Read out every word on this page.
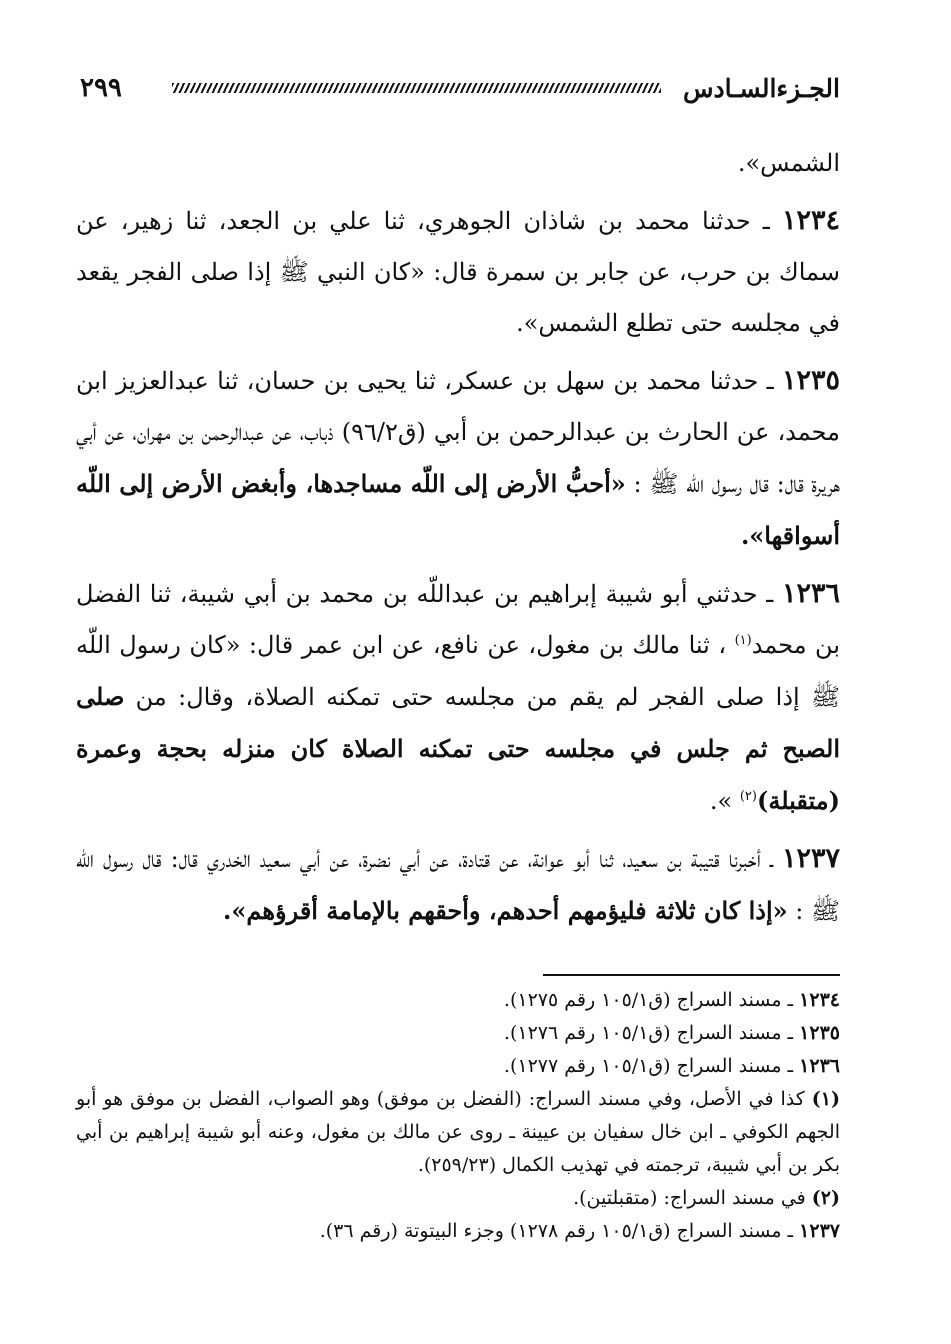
٢٩٩	الجـزءالسـادس

الشمس».

١٢٣٤ ـ حدثنا محمد بن شاذان الجوهري، ثنا علي بن الجعد، ثنا زهير، عن سماك بن حرب، عن جابر بن سمرة قال: «كان النبي ﷺ إذا صلى الفجر يقعد في مجلسه حتى تطلع الشمس».

١٢٣٥ ـ حدثنا محمد بن سهل بن عسكر، ثنا يحيى بن حسان، ثنا عبدالعزيز ابن محمد، عن الحارث بن عبدالرحمن بن أبي (ق٩٦/٢) ذباب، عن عبدالرحمن بن مهران، عن أبي هريرة قال: قال رسول اللّه ﷺ : «أحبُّ الأرض إلى اللّه مساجدها، وأبغض الأرض إلى اللّه أسواقها».

١٢٣٦ ـ حدثني أبو شيبة إبراهيم بن عبداللّه بن محمد بن أبي شيبة، ثنا الفضل بن محمد$^{(١)}$ ، ثنا مالك بن مغول، عن نافع، عن ابن عمر قال: «كان رسول اللّه ﷺ إذا صلى الفجر لم يقم من مجلسه حتى تمكنه الصلاة، وقال: من صلى الصبح ثم جلس في مجلسه حتى تمكنه الصلاة كان منزله بحجة وعمرة (متقبلة)$^{(٢)}$ ».

١٢٣٧ ـ أخبرنا قتيبة بن سعيد، ثنا أبو عوانة، عن قتادة، عن أبي نضرة، عن أبي سعيد الخدري قال: قال رسول اللّه ﷺ : «إذا كان ثلاثة فليؤمهم أحدهم، وأحقهم بالإمامة أقرؤهم».

١٢٣٤ ـ مسند السراج (ق١٠٥/١ رقم ١٢٧٥).

١٢٣٥ ـ مسند السراج (ق١٠٥/١ رقم ١٢٧٦).

١٢٣٦ ـ مسند السراج (ق١٠٥/١ رقم ١٢٧٧).

(١) كذا في الأصل، وفي مسند السراج: (الفضل بن موفق) وهو الصواب، الفضل بن موفق هو أبو الجهم الكوفي ـ ابن خال سفيان بن عيينة ـ روى عن مالك بن مغول، وعنه أبو شيبة إبراهيم بن أبي بكر بن أبي شيبة، ترجمته في تهذيب الكمال (٢٥٩/٢٣).

(٢) في مسند السراج: (متقبلتين).

١٢٣٧ ـ مسند السراج (ق١٠٥/١ رقم ١٢٧٨) وجزء البيتوتة (رقم ٣٦).
